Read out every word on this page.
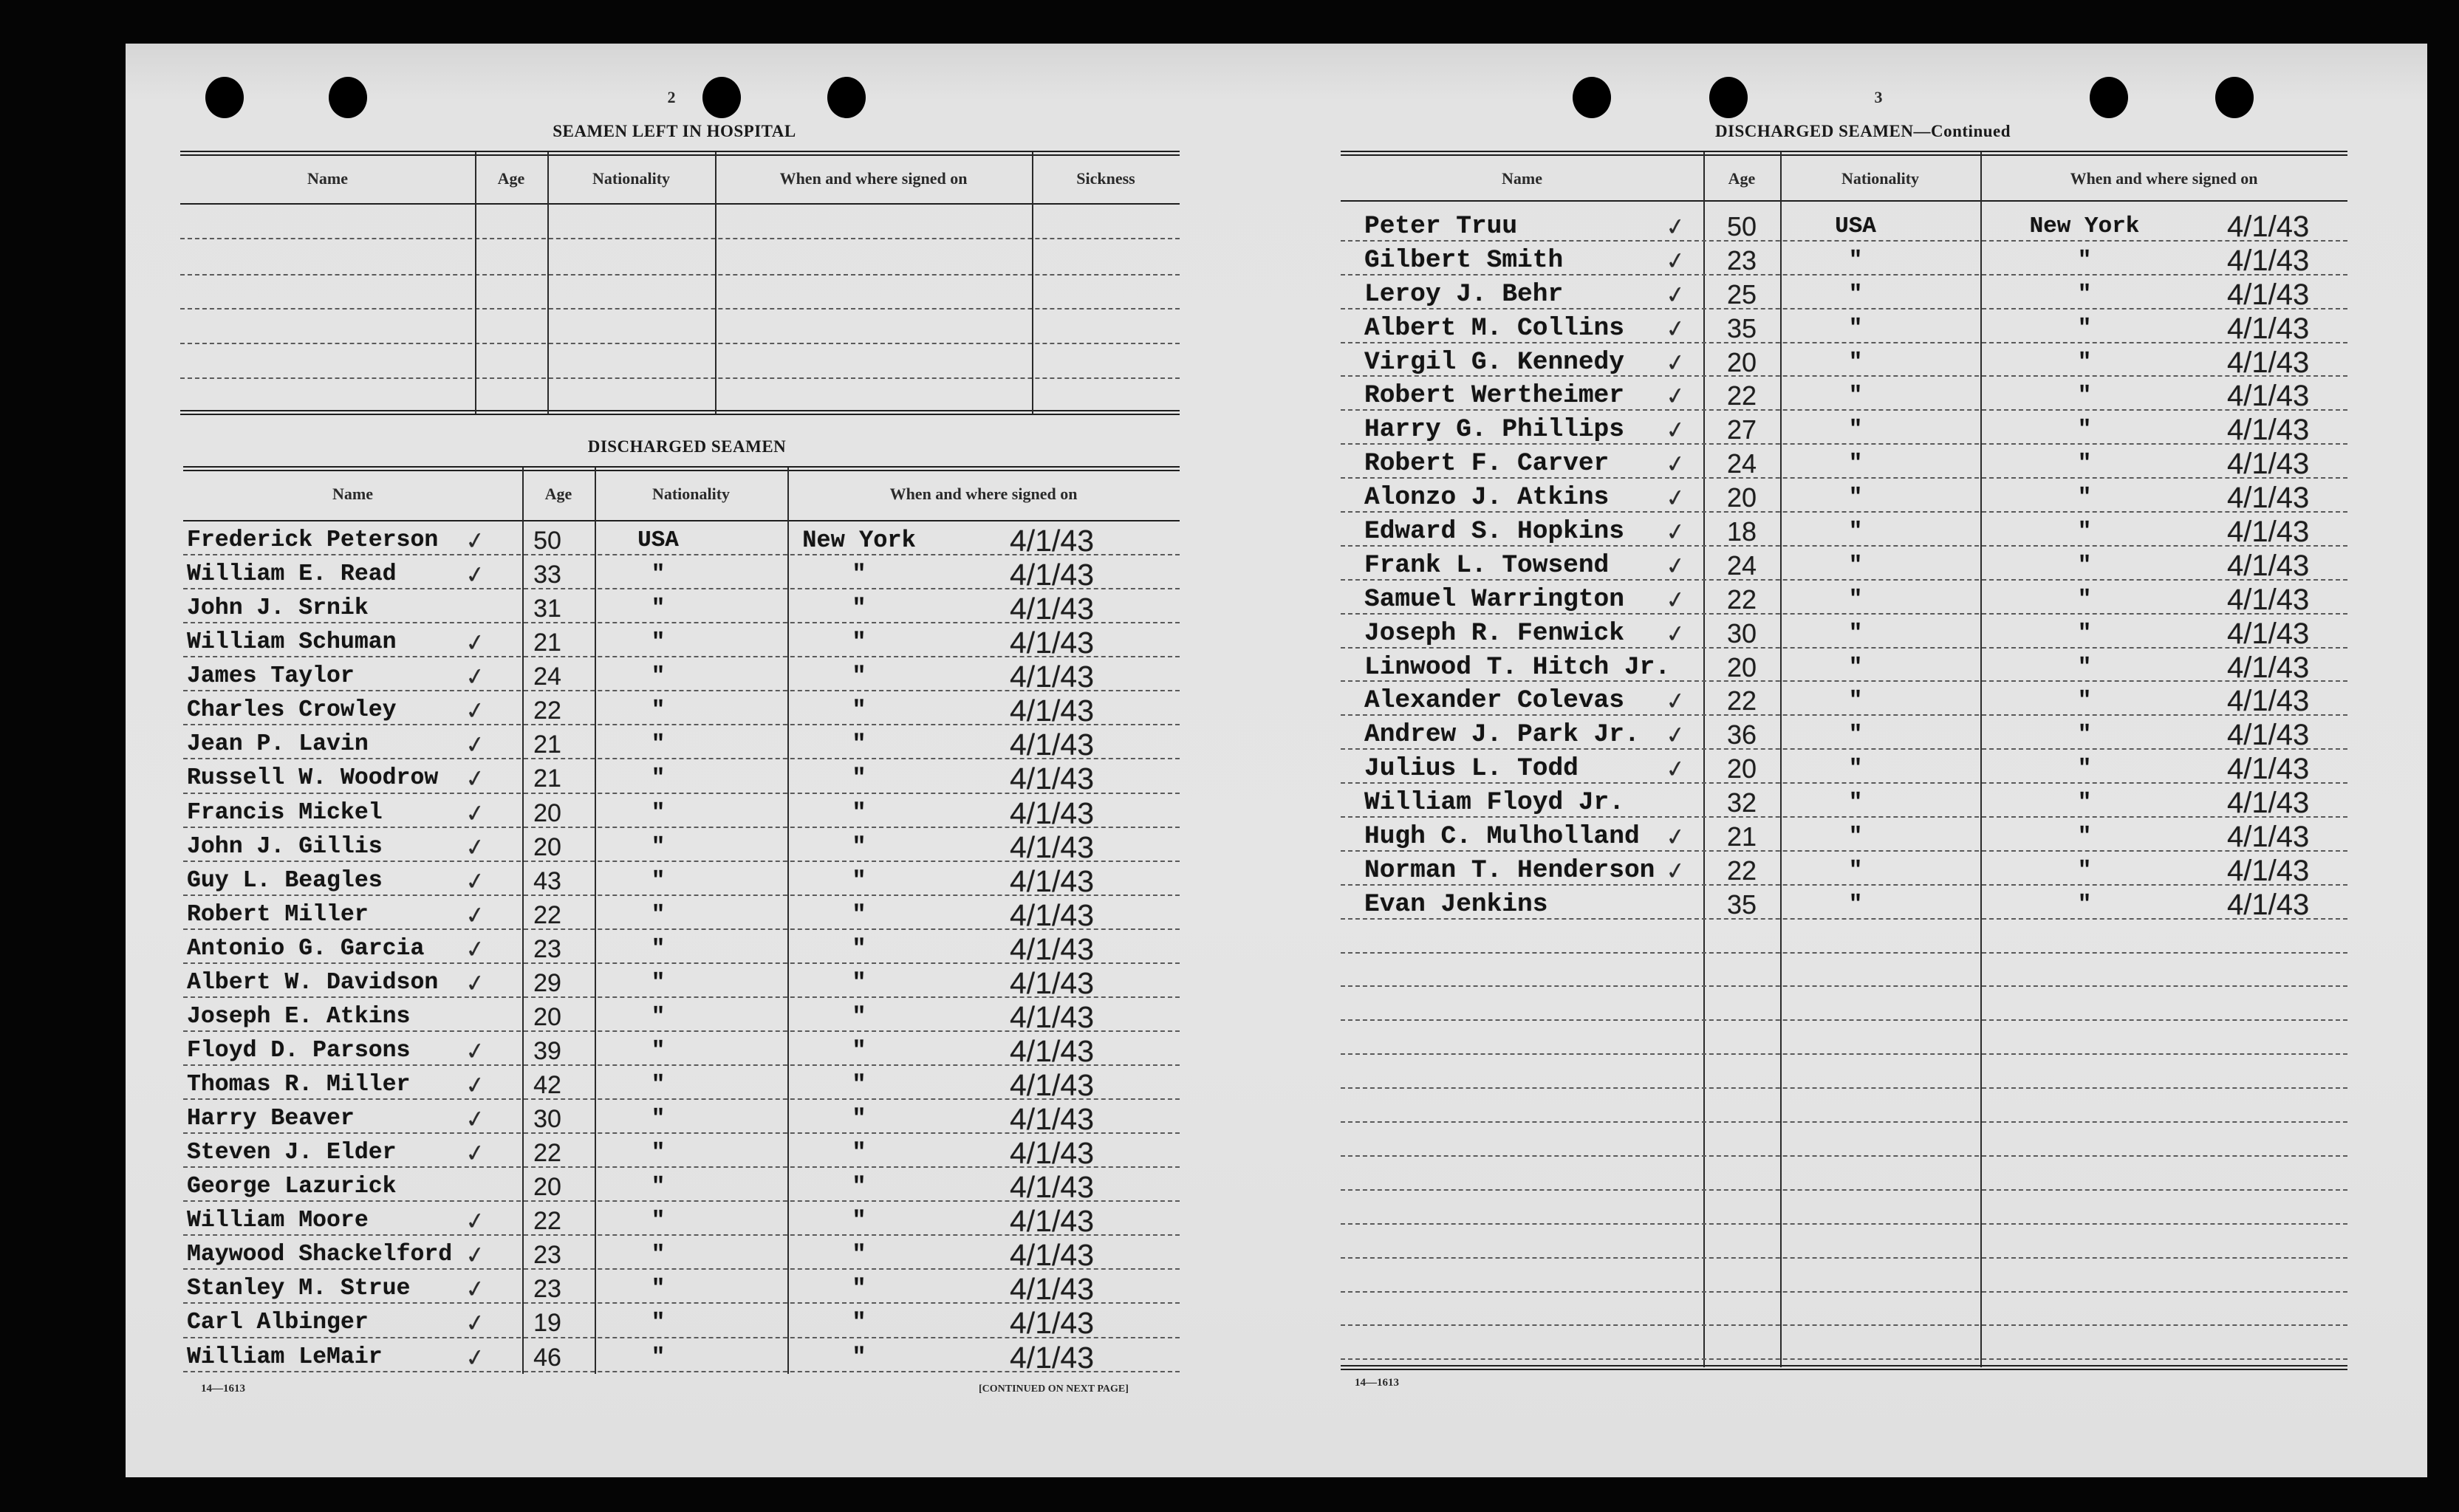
2
SEAMEN LEFT IN HOSPITAL
Name	Age	Nationality	When and where signed on	Sickness
DISCHARGED SEAMEN
Name	Age	Nationality	When and where signed on
Frederick Peterson ✓	50	USA	New York	4/1/43
William E. Read ✓	33	"	"	4/1/43
John J. Srnik	31	"	"	4/1/43
William Schuman ✓	21	"	"	4/1/43
James Taylor ✓	24	"	"	4/1/43
Charles Crowley ✓	22	"	"	4/1/43
Jean P. Lavin ✓	21	"	"	4/1/43
Russell W. Woodrow ✓	21	"	"	4/1/43
Francis Mickel ✓	20	"	"	4/1/43
John J. Gillis ✓	20	"	"	4/1/43
Guy L. Beagles ✓	43	"	"	4/1/43
Robert Miller ✓	22	"	"	4/1/43
Antonio G. Garcia ✓	23	"	"	4/1/43
Albert W. Davidson ✓	29	"	"	4/1/43
Joseph E. Atkins	20	"	"	4/1/43
Floyd D. Parsons ✓	39	"	"	4/1/43
Thomas R. Miller ✓	42	"	"	4/1/43
Harry Beaver ✓	30	"	"	4/1/43
Steven J. Elder ✓	22	"	"	4/1/43
George Lazurick	20	"	"	4/1/43
William Moore ✓	22	"	"	4/1/43
Maywood Shackelford ✓	23	"	"	4/1/43
Stanley M. Strue ✓	23	"	"	4/1/43
Carl Albinger ✓	19	"	"	4/1/43
William LeMair ✓	46	"	"	4/1/43
14—1613	[CONTINUED ON NEXT PAGE]
3
DISCHARGED SEAMEN—Continued
Name	Age	Nationality	When and where signed on
Peter Truu ✓	50	USA	New York	4/1/43
Gilbert Smith ✓	23	"	"	4/1/43
Leroy J. Behr ✓	25	"	"	4/1/43
Albert M. Collins ✓	35	"	"	4/1/43
Virgil G. Kennedy ✓	20	"	"	4/1/43
Robert Wertheimer ✓	22	"	"	4/1/43
Harry G. Phillips ✓	27	"	"	4/1/43
Robert F. Carver ✓	24	"	"	4/1/43
Alonzo J. Atkins ✓	20	"	"	4/1/43
Edward S. Hopkins ✓	18	"	"	4/1/43
Frank L. Towsend ✓	24	"	"	4/1/43
Samuel Warrington ✓	22	"	"	4/1/43
Joseph R. Fenwick ✓	30	"	"	4/1/43
Linwood T. Hitch Jr. 20	"	"	4/1/43
Alexander Colevas ✓	22	"	"	4/1/43
Andrew J. Park Jr. ✓	36	"	"	4/1/43
Julius L. Todd ✓	20	"	"	4/1/43
William Floyd Jr.	32	"	"	4/1/43
Hugh C. Mulholland ✓	21	"	"	4/1/43
Norman T. Henderson ✓	22	"	"	4/1/43
Evan Jenkins	35	"	"	4/1/43
14—1613
